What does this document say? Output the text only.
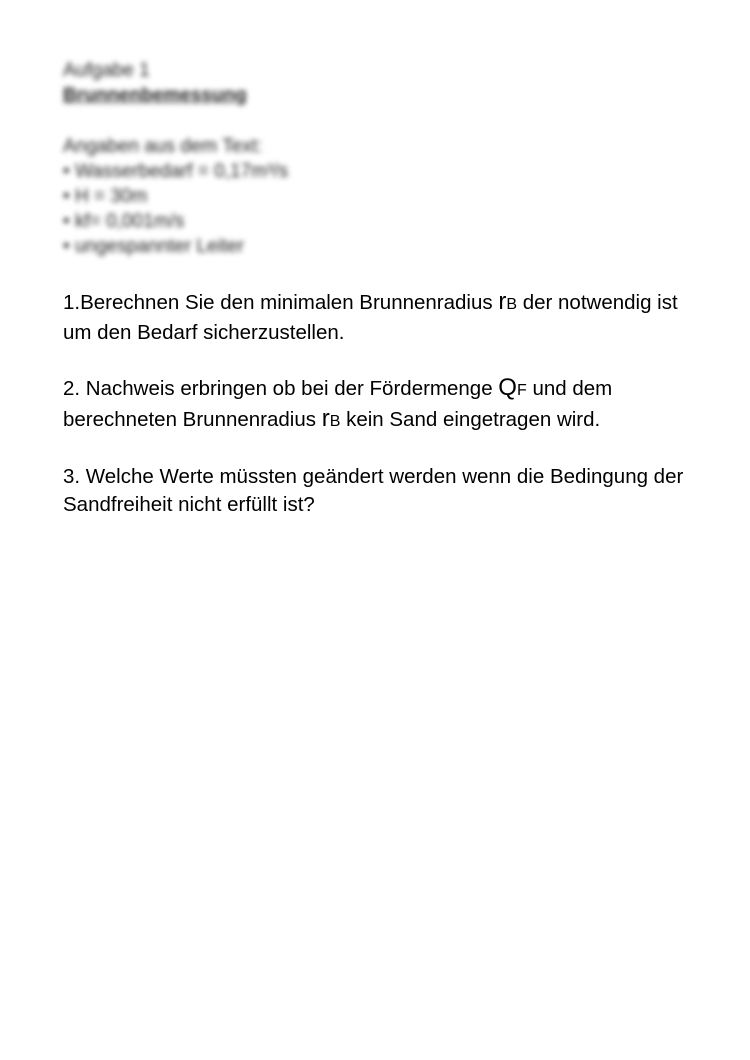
Aufgabe 1

Brunnenbemessung

Angaben aus dem Text:

• Wasserbedarf = 0,17m³/s
• H = 30m
• kf= 0,001m/s
• ungespannter Leiter

1.Berechnen Sie den minimalen Brunnenradius rB der notwendig ist um den Bedarf sicherzustellen.

2. Nachweis erbringen ob bei der Fördermenge QF und dem berechneten Brunnenradius rB kein Sand eingetragen wird.

3. Welche Werte müssten geändert werden wenn die Bedingung der Sandfreiheit nicht erfüllt ist?
